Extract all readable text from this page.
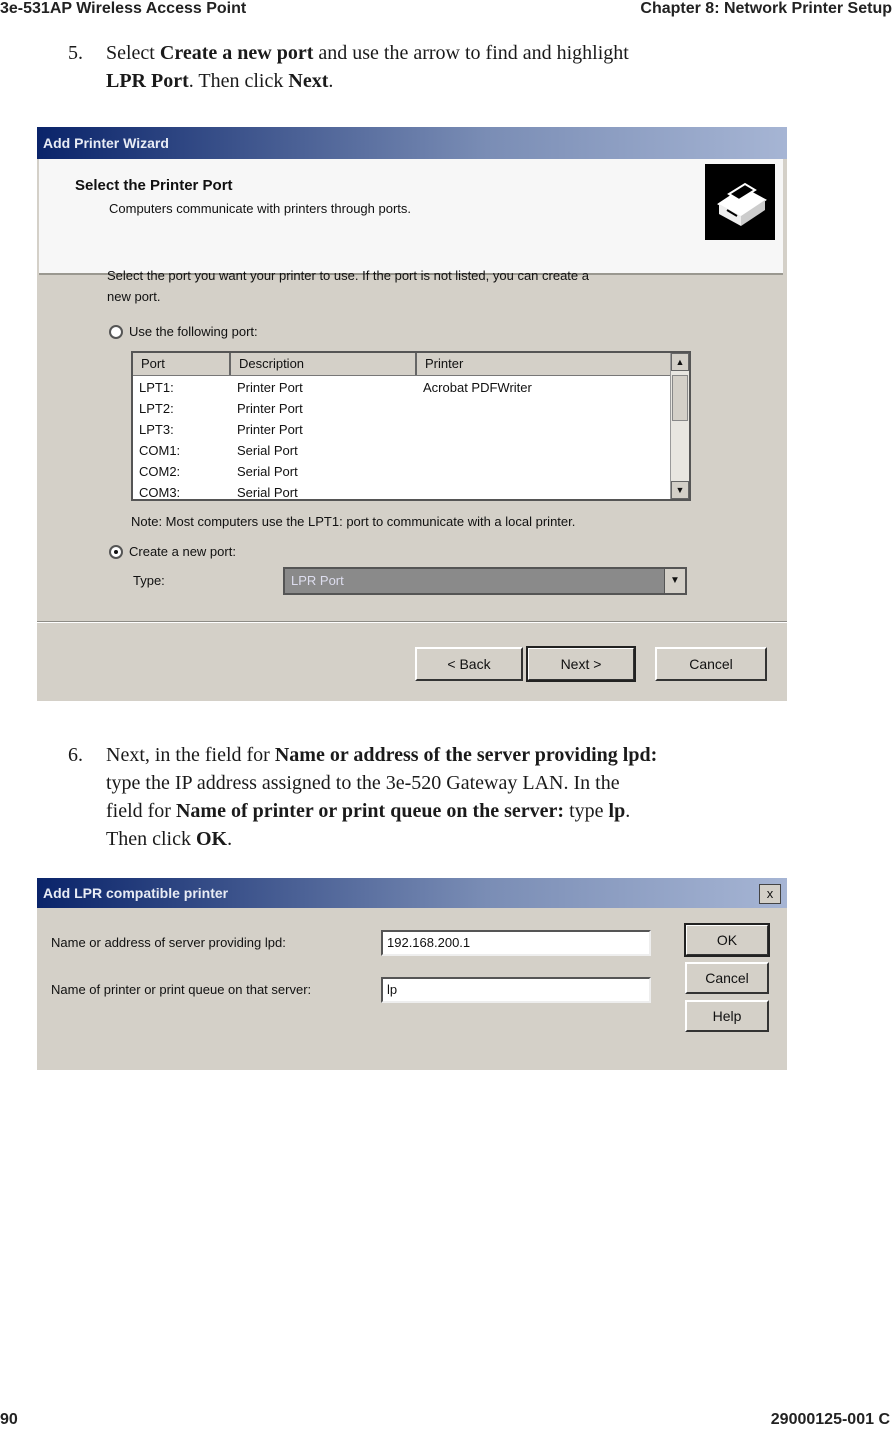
3e-531AP Wireless Access Point	Chapter 8: Network Printer Setup
5. Select Create a new port and use the arrow to find and highlight
LPR Port. Then click Next.
Add Printer Wizard
Select the Printer Port
Computers communicate with printers through ports.
Select the port you want your printer to use. If the port is not listed, you can create a
new port.
Use the following port:
Port	Description	Printer
LPT1:	Printer Port	Acrobat PDFWriter
LPT2:	Printer Port
LPT3:	Printer Port
COM1:	Serial Port
COM2:	Serial Port
COM3:	Serial Port
▲
▼
Note: Most computers use the LPT1: port to communicate with a local printer.
Create a new port:
Type:	LPR Port	▼
< Back	Next >	Cancel
6. Next, in the field for Name or address of the server providing lpd:
type the IP address assigned to the 3e-520 Gateway LAN. In the
field for Name of printer or print queue on the server: type lp.
Then click OK.
Add LPR compatible printer	x
Name or address of server providing lpd:	192.168.200.1
Name of printer or print queue on that server:	lp
OK
Cancel
Help
90	29000125-001 C
